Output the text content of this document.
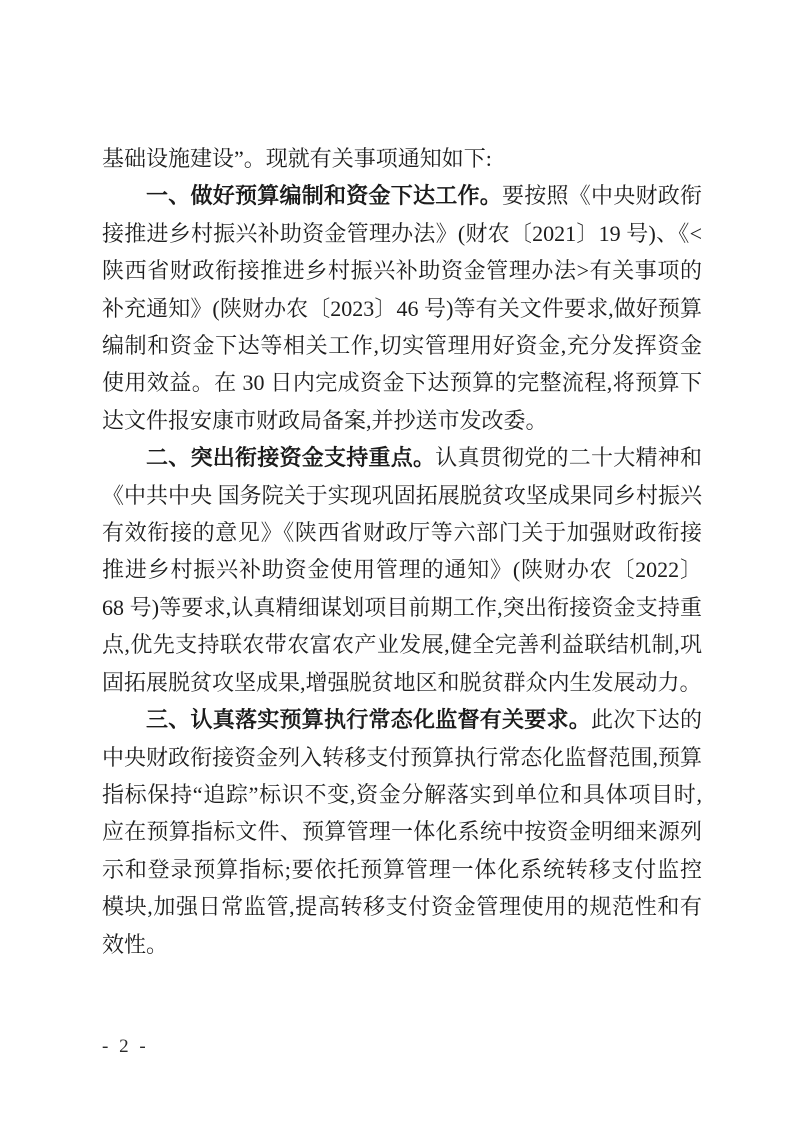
基础设施建设”。现就有关事项通知如下:

一、做好预算编制和资金下达工作。要按照《中央财政衔接推进乡村振兴补助资金管理办法》(财农〔2021〕19 号)、《<陕西省财政衔接推进乡村振兴补助资金管理办法>有关事项的补充通知》(陕财办农〔2023〕46 号)等有关文件要求,做好预算编制和资金下达等相关工作,切实管理用好资金,充分发挥资金使用效益。在 30 日内完成资金下达预算的完整流程,将预算下达文件报安康市财政局备案,并抄送市发改委。

二、突出衔接资金支持重点。认真贯彻党的二十大精神和《中共中央 国务院关于实现巩固拓展脱贫攻坚成果同乡村振兴有效衔接的意见》《陕西省财政厅等六部门关于加强财政衔接推进乡村振兴补助资金使用管理的通知》(陕财办农〔2022〕68 号)等要求,认真精细谋划项目前期工作,突出衔接资金支持重点,优先支持联农带农富农产业发展,健全完善利益联结机制,巩固拓展脱贫攻坚成果,增强脱贫地区和脱贫群众内生发展动力。

三、认真落实预算执行常态化监督有关要求。此次下达的中央财政衔接资金列入转移支付预算执行常态化监督范围,预算指标保持“追踪”标识不变,资金分解落实到单位和具体项目时,应在预算指标文件、预算管理一体化系统中按资金明细来源列示和登录预算指标;要依托预算管理一体化系统转移支付监控模块,加强日常监管,提高转移支付资金管理使用的规范性和有效性。

- 2 -
